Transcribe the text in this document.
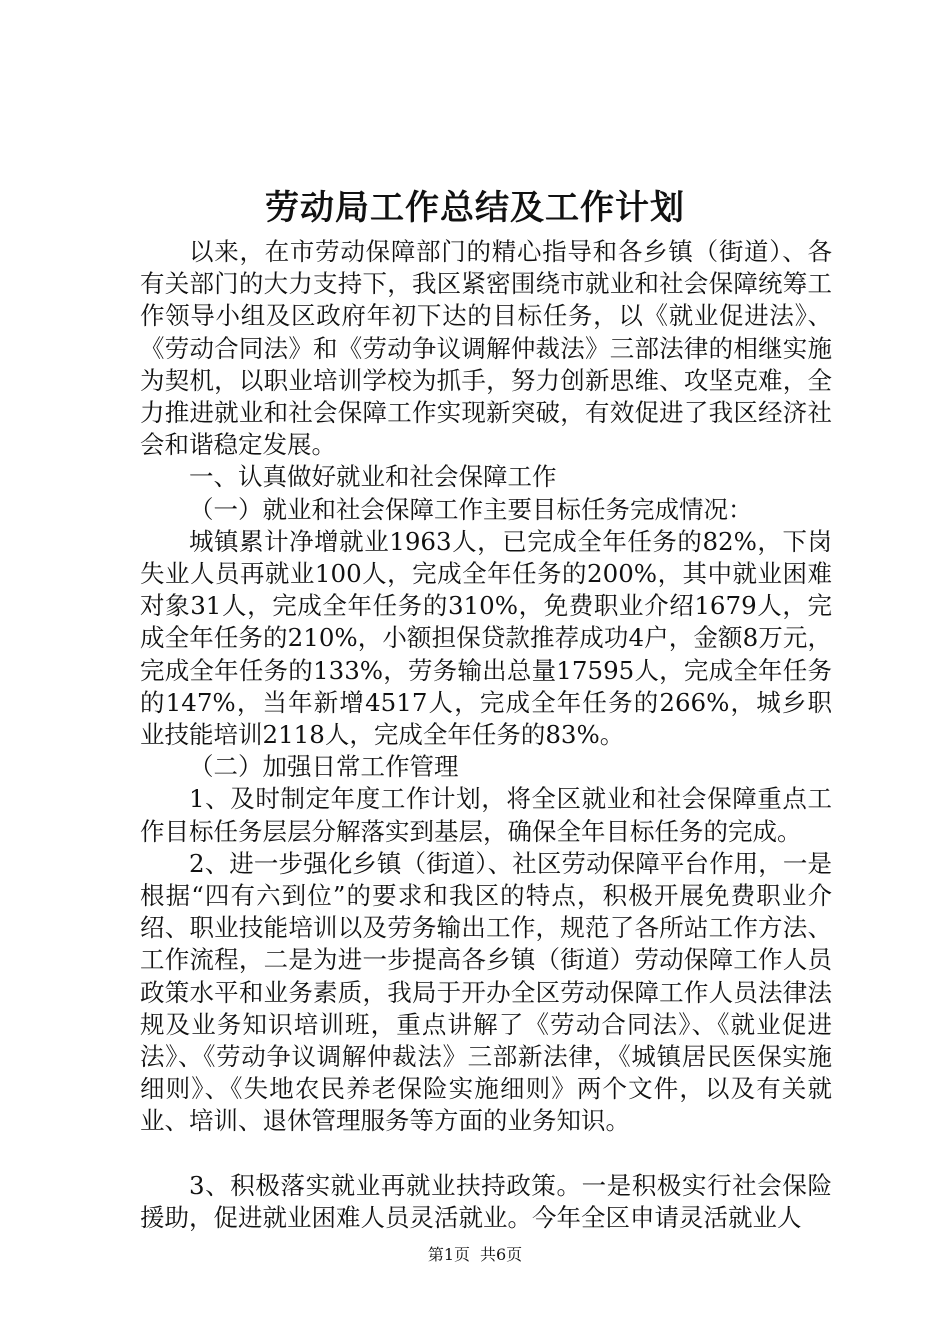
劳动局工作总结及工作计划

以来，在市劳动保障部门的精心指导和各乡镇（街道）、各有关部门的大力支持下，我区紧密围绕市就业和社会保障统筹工作领导小组及区政府年初下达的目标任务，以《就业促进法》、《劳动合同法》和《劳动争议调解仲裁法》三部法律的相继实施为契机，以职业培训学校为抓手，努力创新思维、攻坚克难，全力推进就业和社会保障工作实现新突破，有效促进了我区经济社会和谐稳定发展。

一、认真做好就业和社会保障工作

（一）就业和社会保障工作主要目标任务完成情况：

城镇累计净增就业1963人，已完成全年任务的82%，下岗失业人员再就业100人，完成全年任务的200%，其中就业困难对象31人，完成全年任务的310%，免费职业介绍1679人，完成全年任务的210%，小额担保贷款推荐成功4户，金额8万元，完成全年任务的133%，劳务输出总量17595人，完成全年任务的147%，当年新增4517人，完成全年任务的266%，城乡职业技能培训2118人，完成全年任务的83%。

（二）加强日常工作管理

1、及时制定年度工作计划，将全区就业和社会保障重点工作目标任务层层分解落实到基层，确保全年目标任务的完成。

2、进一步强化乡镇（街道）、社区劳动保障平台作用，一是根据“四有六到位”的要求和我区的特点，积极开展免费职业介绍、职业技能培训以及劳务输出工作，规范了各所站工作方法、工作流程，二是为进一步提高各乡镇（街道）劳动保障工作人员政策水平和业务素质，我局于开办全区劳动保障工作人员法律法规及业务知识培训班，重点讲解了《劳动合同法》、《就业促进法》、《劳动争议调解仲裁法》三部新法律，《城镇居民医保实施细则》、《失地农民养老保险实施细则》两个文件，以及有关就业、培训、退休管理服务等方面的业务知识。

3、积极落实就业再就业扶持政策。一是积极实行社会保险援助，促进就业困难人员灵活就业。今年全区申请灵活就业人

第1页 共6页
